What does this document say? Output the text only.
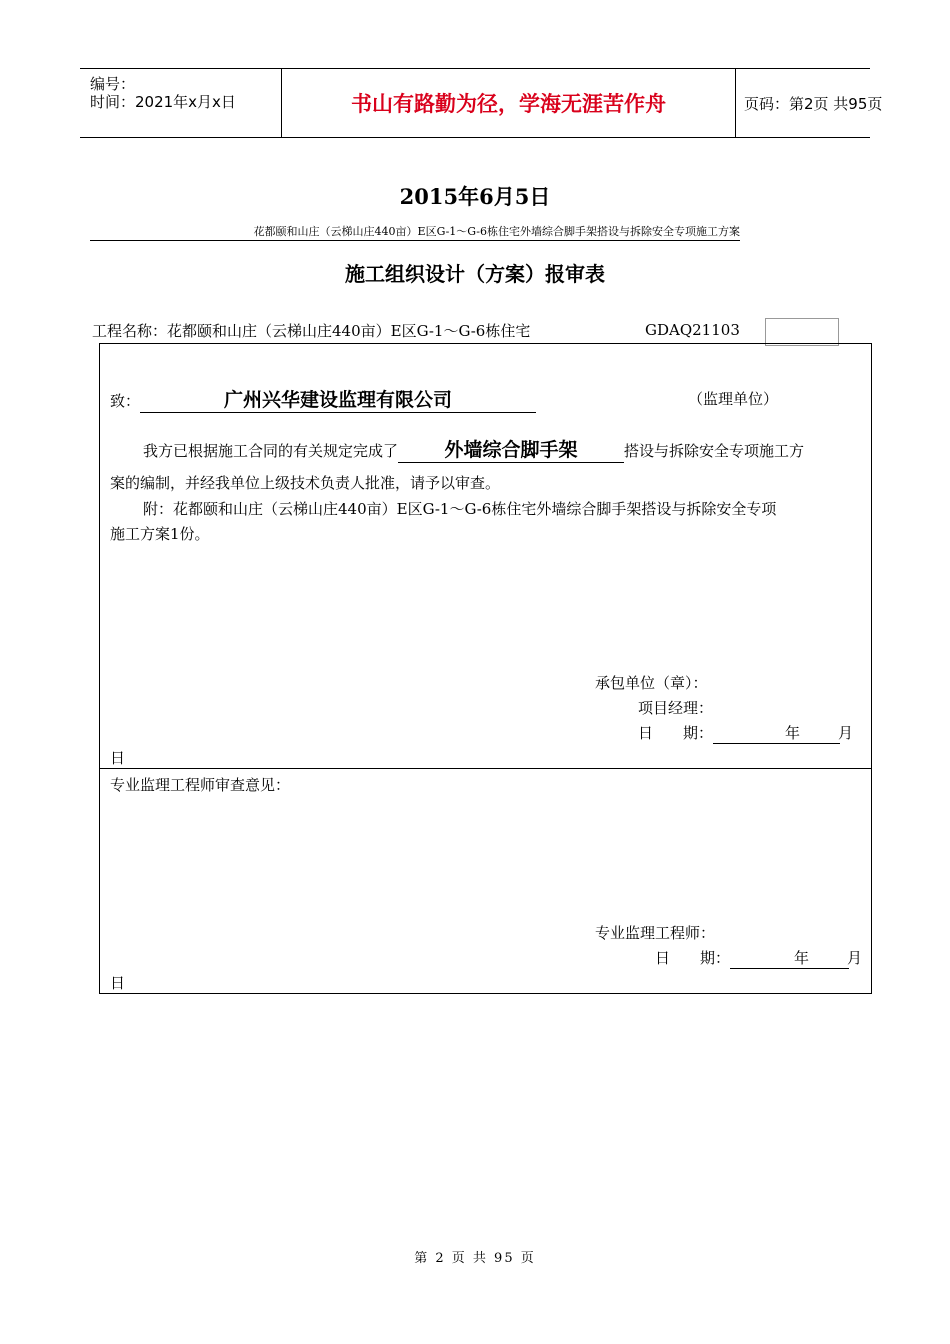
编号：
时间：2021年x月x日	书山有路勤为径，学海无涯苦作舟	页码：第2页 共95页
2015年6月5日
花都颐和山庄（云梯山庄440亩）E区G-1～G-6栋住宅外墙综合脚手架搭设与拆除安全专项施工方案
施工组织设计（方案）报审表
工程名称：花都颐和山庄（云梯山庄440亩）E区G-1～G-6栋住宅	GDAQ21103
致：	广州兴华建设监理有限公司	（监理单位）
我方已根据施工合同的有关规定完成了 外墙综合脚手架	搭设与拆除安全专项施工方
案的编制，并经我单位上级技术负责人批准，请予以审查。
附：花都颐和山庄（云梯山庄440亩）E区G-1～G-6栋住宅外墙综合脚手架搭设与拆除安全专项
施工方案1份。
承包单位（章）：
项目经理：
日　　期：	年	月
日
专业监理工程师审查意见：
专业监理工程师：
日　　期：	年	月
日
第 2 页 共 95 页
